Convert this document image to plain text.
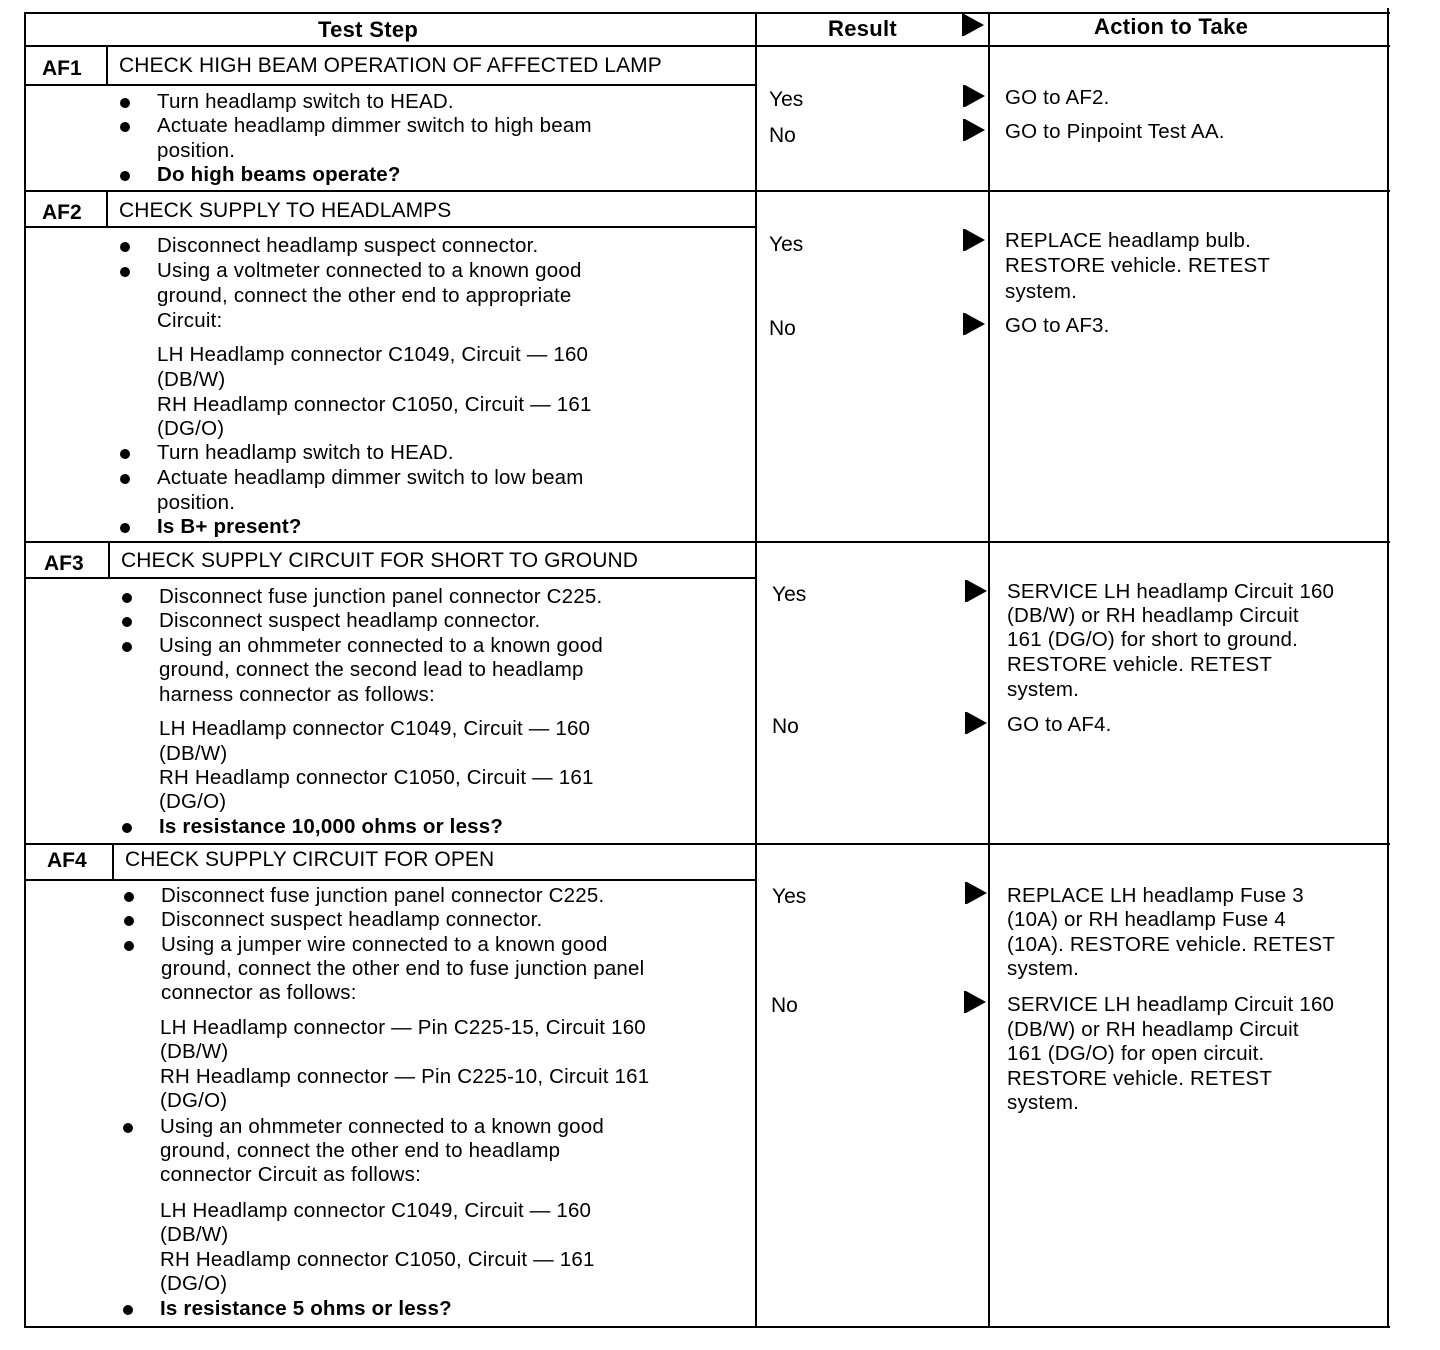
Test Step	Result	Action to Take
AF1 CHECK HIGH BEAM OPERATION OF AFFECTED LAMP
Turn headlamp switch to HEAD.
Actuate headlamp dimmer switch to high beam
position.
Do high beams operate?
Yes	GO to AF2.
No	GO to Pinpoint Test AA.
AF2 CHECK SUPPLY TO HEADLAMPS
Disconnect headlamp suspect connector.
Using a voltmeter connected to a known good
ground, connect the other end to appropriate
Circuit:
LH Headlamp connector C1049, Circuit — 160
(DB/W)
RH Headlamp connector C1050, Circuit — 161
(DG/O)
Turn headlamp switch to HEAD.
Actuate headlamp dimmer switch to low beam
position.
Is B+ present?
Yes	REPLACE headlamp bulb.
RESTORE vehicle. RETEST
system.
No	GO to AF3.
AF3 CHECK SUPPLY CIRCUIT FOR SHORT TO GROUND
Disconnect fuse junction panel connector C225.
Disconnect suspect headlamp connector.
Using an ohmmeter connected to a known good
ground, connect the second lead to headlamp
harness connector as follows:
LH Headlamp connector C1049, Circuit — 160
(DB/W)
RH Headlamp connector C1050, Circuit — 161
(DG/O)
Is resistance 10,000 ohms or less?
Yes	SERVICE LH headlamp Circuit 160
(DB/W) or RH headlamp Circuit
161 (DG/O) for short to ground.
RESTORE vehicle. RETEST
system.
No	GO to AF4.
AF4 CHECK SUPPLY CIRCUIT FOR OPEN
Disconnect fuse junction panel connector C225.
Disconnect suspect headlamp connector.
Using a jumper wire connected to a known good
ground, connect the other end to fuse junction panel
connector as follows:
LH Headlamp connector — Pin C225-15, Circuit 160
(DB/W)
RH Headlamp connector — Pin C225-10, Circuit 161
(DG/O)
Using an ohmmeter connected to a known good
ground, connect the other end to headlamp
connector Circuit as follows:
LH Headlamp connector C1049, Circuit — 160
(DB/W)
RH Headlamp connector C1050, Circuit — 161
(DG/O)
Is resistance 5 ohms or less?
Yes	REPLACE LH headlamp Fuse 3
(10A) or RH headlamp Fuse 4
(10A). RESTORE vehicle. RETEST
system.
No	SERVICE LH headlamp Circuit 160
(DB/W) or RH headlamp Circuit
161 (DG/O) for open circuit.
RESTORE vehicle. RETEST
system.
